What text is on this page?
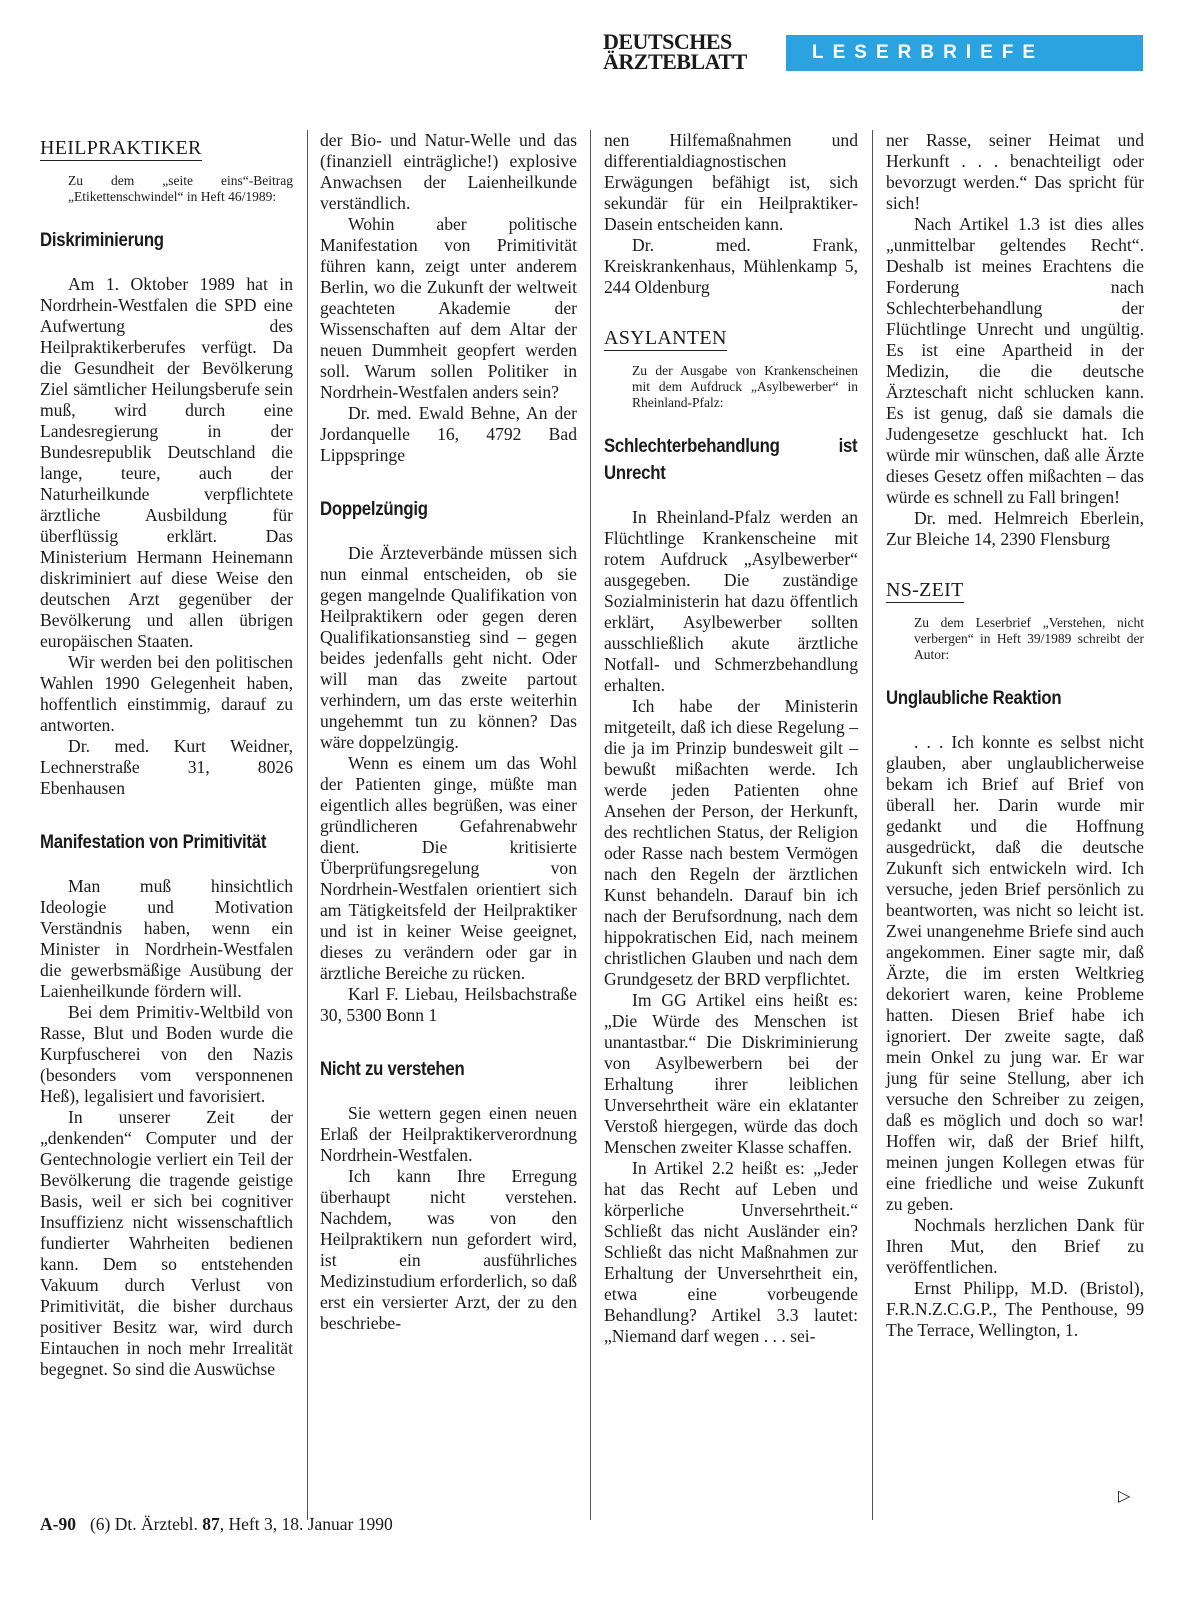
DEUTSCHES
ÄRZTEBLATT	LESERBRIEFE
HEILPRAKTIKER
Zu dem „seite eins“-Beitrag „Etikettenschwindel“ in Heft 46/1989:
Diskriminierung

Am 1. Oktober 1989 hat in Nordrhein-Westfalen die SPD eine Aufwertung des Heilpraktikerberufes verfügt. Da die Gesundheit der Bevölkerung Ziel sämtlicher Heilungsberufe sein muß, wird durch eine Landesregierung in der Bundesrepublik Deutschland die lange, teure, auch der Naturheilkunde verpflichtete ärztliche Ausbildung für überflüssig erklärt. Das Ministerium Hermann Heinemann diskriminiert auf diese Weise den deutschen Arzt gegenüber der Bevölkerung und allen übrigen europäischen Staaten.

Wir werden bei den politischen Wahlen 1990 Gelegenheit haben, hoffentlich einstimmig, darauf zu antworten.

Dr. med. Kurt Weidner, Lechnerstraße 31, 8026 Ebenhausen

Manifestation von Primitivität

Man muß hinsichtlich Ideologie und Motivation Verständnis haben, wenn ein Minister in Nordrhein-Westfalen die gewerbsmäßige Ausübung der Laienheilkunde fördern will.

Bei dem Primitiv-Weltbild von Rasse, Blut und Boden wurde die Kurpfuscherei von den Nazis (besonders vom versponnenen Heß), legalisiert und favorisiert.

In unserer Zeit der „denkenden“ Computer und der Gentechnologie verliert ein Teil der Bevölkerung die tragende geistige Basis, weil er sich bei cognitiver Insuffizienz nicht wissenschaftlich fundierter Wahrheiten bedienen kann. Dem so entstehenden Vakuum durch Verlust von Primitivität, die bisher durchaus positiver Besitz war, wird durch Eintauchen in noch mehr Irrealität begegnet. So sind die Auswüchse

der Bio- und Natur-Welle und das (finanziell einträgliche!) explosive Anwachsen der Laienheilkunde verständlich.

Wohin aber politische Manifestation von Primitivität führen kann, zeigt unter anderem Berlin, wo die Zukunft der weltweit geachteten Akademie der Wissenschaften auf dem Altar der neuen Dummheit geopfert werden soll. Warum sollen Politiker in Nordrhein-Westfalen anders sein?

Dr. med. Ewald Behne, An der Jordanquelle 16, 4792 Bad Lippspringe

Doppelzüngig

Die Ärzteverbände müssen sich nun einmal entscheiden, ob sie gegen mangelnde Qualifikation von Heilpraktikern oder gegen deren Qualifikationsanstieg sind – gegen beides jedenfalls geht nicht. Oder will man das zweite partout verhindern, um das erste weiterhin ungehemmt tun zu können? Das wäre doppelzüngig.

Wenn es einem um das Wohl der Patienten ginge, müßte man eigentlich alles begrüßen, was einer gründlicheren Gefahrenabwehr dient. Die kritisierte Überprüfungsregelung von Nordrhein-Westfalen orientiert sich am Tätigkeitsfeld der Heilpraktiker und ist in keiner Weise geeignet, dieses zu verändern oder gar in ärztliche Bereiche zu rücken.

Karl F. Liebau, Heilsbachstraße 30, 5300 Bonn 1

Nicht zu verstehen

Sie wettern gegen einen neuen Erlaß der Heilpraktikerverordnung Nordrhein-Westfalen.

Ich kann Ihre Erregung überhaupt nicht verstehen. Nachdem, was von den Heilpraktikern nun gefordert wird, ist ein ausführliches Medizinstudium erforderlich, so daß erst ein versierter Arzt, der zu den beschriebe-

nen Hilfemaßnahmen und differentialdiagnostischen Erwägungen befähigt ist, sich sekundär für ein Heilpraktiker-Dasein entscheiden kann.

Dr. med. Frank, Kreiskrankenhaus, Mühlenkamp 5, 244 Oldenburg

ASYLANTEN
Zu der Ausgabe von Krankenscheinen mit dem Aufdruck „Asylbewerber“ in Rheinland-Pfalz:
Schlechterbehandlung ist Unrecht

In Rheinland-Pfalz werden an Flüchtlinge Krankenscheine mit rotem Aufdruck „Asylbewerber“ ausgegeben. Die zuständige Sozialministerin hat dazu öffentlich erklärt, Asylbewerber sollten ausschließlich akute ärztliche Notfall- und Schmerzbehandlung erhalten.

Ich habe der Ministerin mitgeteilt, daß ich diese Regelung – die ja im Prinzip bundesweit gilt – bewußt mißachten werde. Ich werde jeden Patienten ohne Ansehen der Person, der Herkunft, des rechtlichen Status, der Religion oder Rasse nach bestem Vermögen nach den Regeln der ärztlichen Kunst behandeln. Darauf bin ich nach der Berufsordnung, nach dem hippokratischen Eid, nach meinem christlichen Glauben und nach dem Grundgesetz der BRD verpflichtet.

Im GG Artikel eins heißt es: „Die Würde des Menschen ist unantastbar.“ Die Diskriminierung von Asylbewerbern bei der Erhaltung ihrer leiblichen Unversehrtheit wäre ein eklatanter Verstoß hiergegen, würde das doch Menschen zweiter Klasse schaffen.

In Artikel 2.2 heißt es: „Jeder hat das Recht auf Leben und körperliche Unversehrtheit.“ Schließt das nicht Ausländer ein? Schließt das nicht Maßnahmen zur Erhaltung der Unversehrtheit ein, etwa eine vorbeugende Behandlung? Artikel 3.3 lautet: „Niemand darf wegen . . . sei-

ner Rasse, seiner Heimat und Herkunft . . . benachteiligt oder bevorzugt werden.“ Das spricht für sich!

Nach Artikel 1.3 ist dies alles „unmittelbar geltendes Recht“. Deshalb ist meines Erachtens die Forderung nach Schlechterbehandlung der Flüchtlinge Unrecht und ungültig. Es ist eine Apartheid in der Medizin, die die deutsche Ärzteschaft nicht schlucken kann. Es ist genug, daß sie damals die Judengesetze geschluckt hat. Ich würde mir wünschen, daß alle Ärzte dieses Gesetz offen mißachten – das würde es schnell zu Fall bringen!

Dr. med. Helmreich Eberlein, Zur Bleiche 14, 2390 Flensburg

NS-ZEIT
Zu dem Leserbrief „Verstehen, nicht verbergen“ in Heft 39/1989 schreibt der Autor:
Unglaubliche Reaktion

. . . Ich konnte es selbst nicht glauben, aber unglaublicherweise bekam ich Brief auf Brief von überall her. Darin wurde mir gedankt und die Hoffnung ausgedrückt, daß die deutsche Zukunft sich entwickeln wird. Ich versuche, jeden Brief persönlich zu beantworten, was nicht so leicht ist. Zwei unangenehme Briefe sind auch angekommen. Einer sagte mir, daß Ärzte, die im ersten Weltkrieg dekoriert waren, keine Probleme hatten. Diesen Brief habe ich ignoriert. Der zweite sagte, daß mein Onkel zu jung war. Er war jung für seine Stellung, aber ich versuche den Schreiber zu zeigen, daß es möglich und doch so war! Hoffen wir, daß der Brief hilft, meinen jungen Kollegen etwas für eine friedliche und weise Zukunft zu geben.

Nochmals herzlichen Dank für Ihren Mut, den Brief zu veröffentlichen.

Ernst Philipp, M.D. (Bristol), F.R.N.Z.C.G.P., The Penthouse, 99 The Terrace, Wellington, 1.

▷
A-90 (6) Dt. Ärztebl. 87, Heft 3, 18. Januar 1990
